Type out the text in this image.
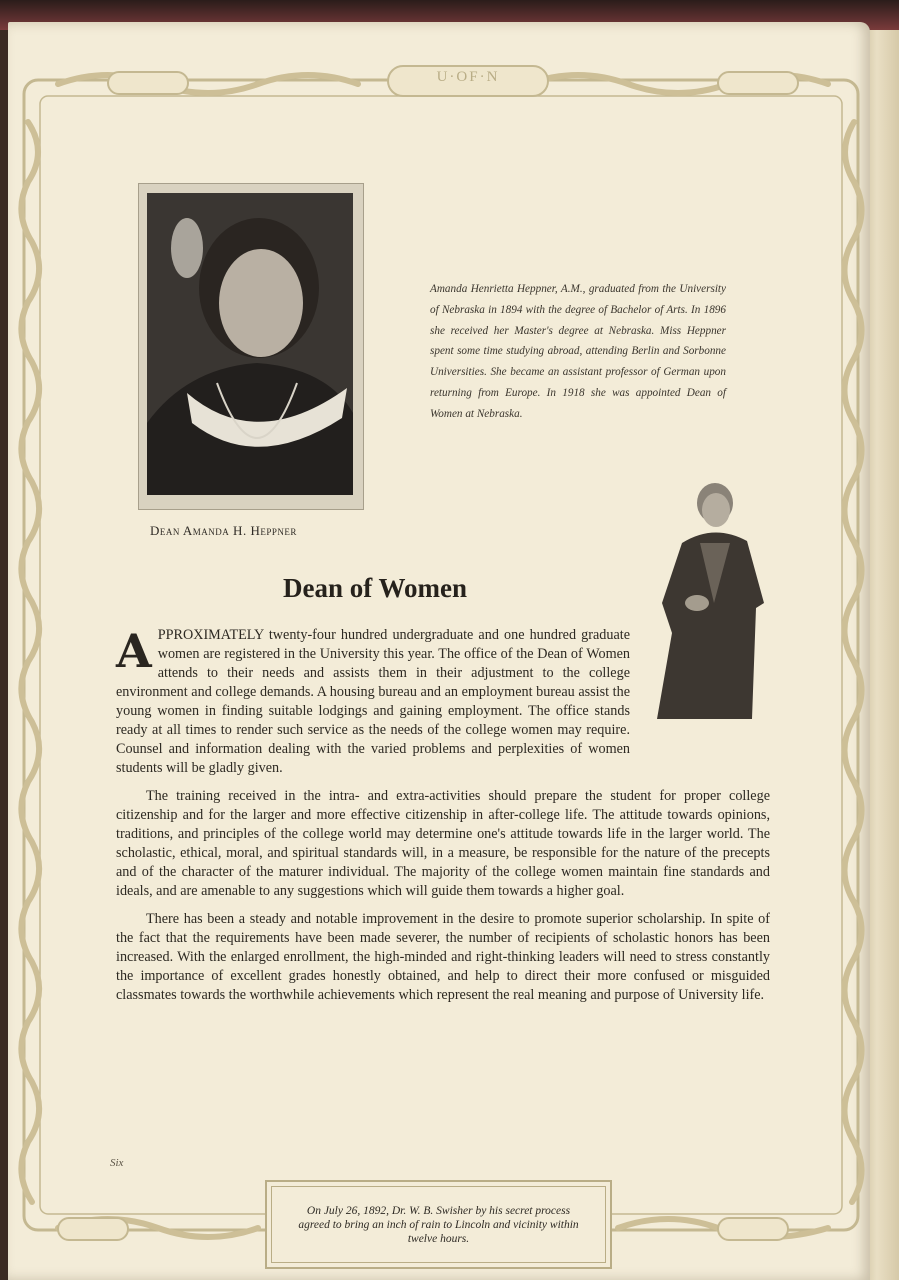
U·OF·N
Dean Amanda H. Heppner
Amanda Henrietta Heppner, A.M., graduated from the University of Nebraska in 1894 with the degree of Bachelor of Arts. In 1896 she received her Master's degree at Nebraska. Miss Heppner spent some time studying abroad, attending Berlin and Sorbonne Universities. She became an assistant professor of German upon returning from Europe. In 1918 she was appointed Dean of Women at Nebraska.
Dean of Women

APPROXIMATELY twenty-four hundred undergraduate and one hundred graduate women are registered in the University this year. The office of the Dean of Women attends to their needs and assists them in their adjustment to the college environment and college demands. A housing bureau and an employment bureau assist the young women in finding suitable lodgings and gaining employment. The office stands ready at all times to render such service as the needs of the college women may require. Counsel and information dealing with the varied problems and perplexities of women students will be gladly given.

The training received in the intra- and extra-activities should prepare the student for proper college citizenship and for the larger and more effective citizenship in after-college life. The attitude towards opinions, traditions, and principles of the college world may determine one's attitude towards life in the larger world. The scholastic, ethical, moral, and spiritual standards will, in a measure, be responsible for the nature of the precepts and of the character of the maturer individual. The majority of the college women maintain fine standards and ideals, and are amenable to any suggestions which will guide them towards a higher goal.

There has been a steady and notable improvement in the desire to promote superior scholarship. In spite of the fact that the requirements have been made severer, the number of recipients of scholastic honors has been increased. With the enlarged enrollment, the high-minded and right-thinking leaders will need to stress constantly the importance of excellent grades honestly obtained, and help to direct their more confused or misguided classmates towards the worthwhile achievements which represent the real meaning and purpose of University life.

Six
On July 26, 1892, Dr. W. B. Swisher by his secret process agreed to bring an inch of rain to Lincoln and vicinity within twelve hours.
